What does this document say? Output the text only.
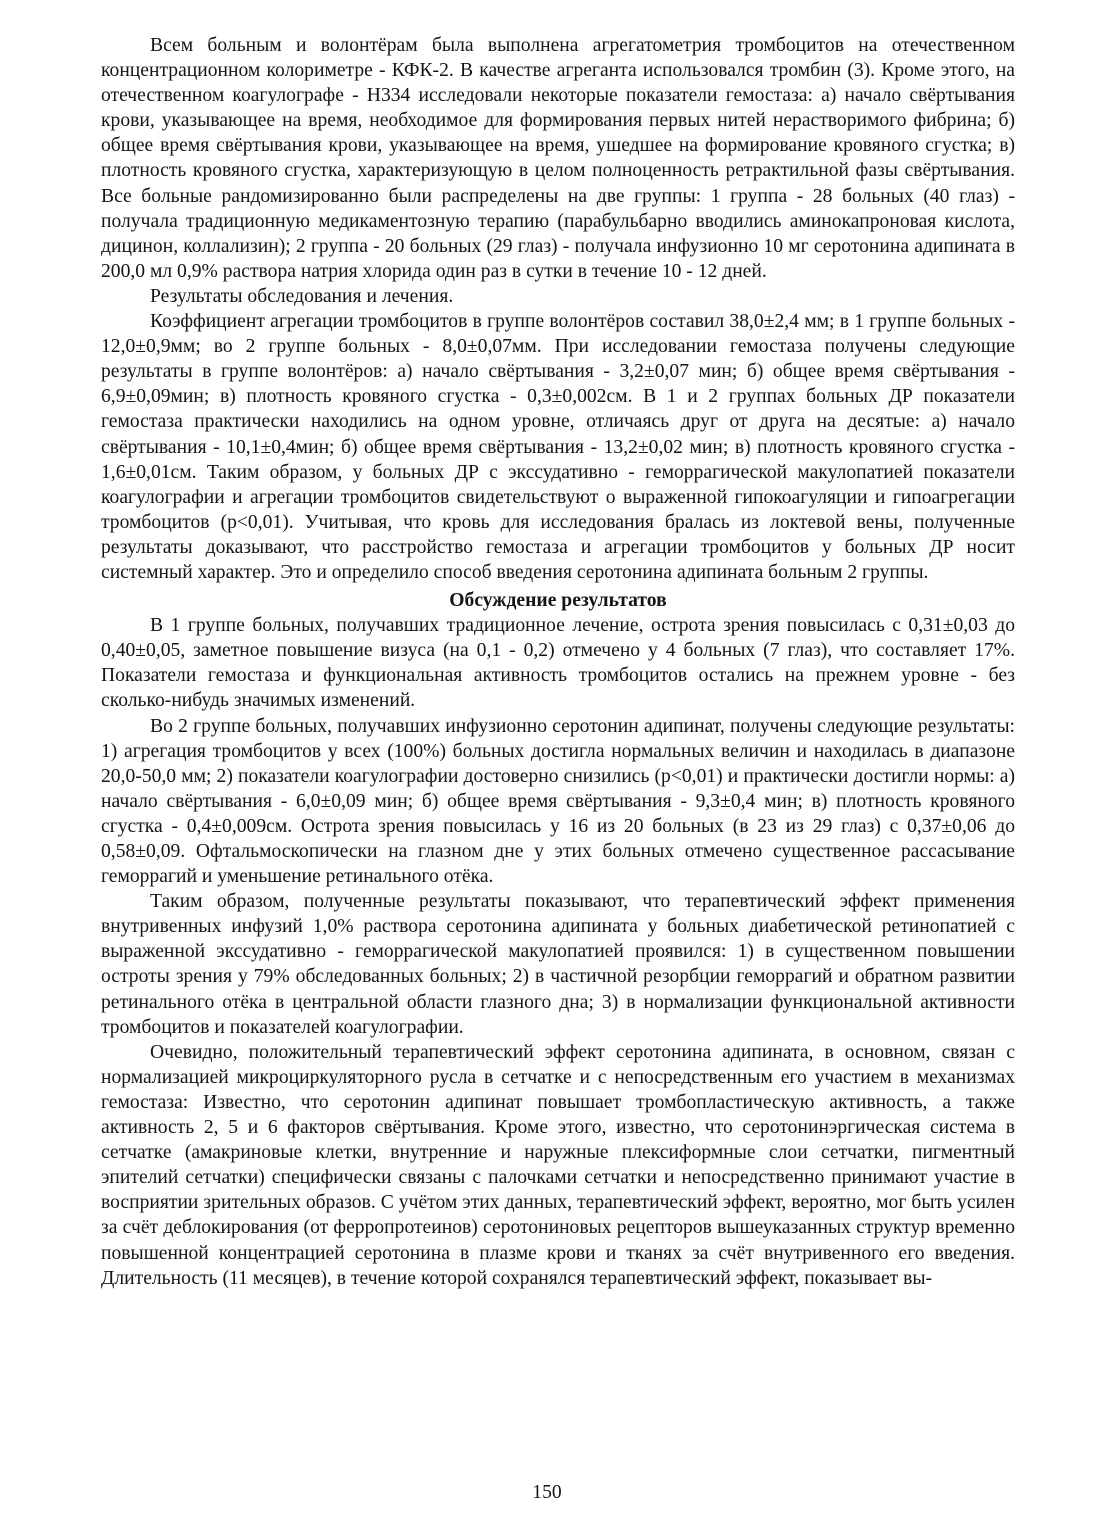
Всем больным и волонтёрам была выполнена агрегатометрия тромбоцитов на отечественном концентрационном колориметре - КФК-2. В качестве агреганта использовался тромбин (3). Кроме этого, на отечественном коагулографе - Н334 исследовали некоторые показатели гемостаза: а) начало свёртывания крови, указывающее на время, необходимое для формирования первых нитей нерастворимого фибрина; б) общее время свёртывания крови, указывающее на время, ушедшее на формирование кровяного сгустка; в) плотность кровяного сгустка, характеризующую в целом полноценность ретрактильной фазы свёртывания. Все больные рандомизированно были распределены на две группы: 1 группа - 28 больных (40 глаз) - получала традиционную медикаментозную терапию (парабульбарно вводились аминокапроновая кислота, дицинон, коллализин); 2 группа - 20 больных (29 глаз) - получала инфузионно 10 мг серотонина адипината в 200,0 мл 0,9% раствора натрия хлорида один раз в сутки в течение 10 - 12 дней.

Результаты обследования и лечения.

Коэффициент агрегации тромбоцитов в группе волонтёров составил 38,0±2,4 мм; в 1 группе больных - 12,0±0,9мм; во 2 группе больных - 8,0±0,07мм. При исследовании гемостаза получены следующие результаты в группе волонтёров: а) начало свёртывания - 3,2±0,07 мин; б) общее время свёртывания - 6,9±0,09мин; в) плотность кровяного сгустка - 0,3±0,002см. В 1 и 2 группах больных ДР показатели гемостаза практически находились на одном уровне, отличаясь друг от друга на десятые: а) начало свёртывания - 10,1±0,4мин; б) общее время свёртывания - 13,2±0,02 мин; в) плотность кровяного сгустка - 1,6±0,01см. Таким образом, у больных ДР с экссудативно - геморрагической макулопатией показатели коагулографии и агрегации тромбоцитов свидетельствуют о выраженной гипокоагуляции и гипоагрегации тромбоцитов (p<0,01). Учитывая, что кровь для исследования бралась из локтевой вены, полученные результаты доказывают, что расстройство гемостаза и агрегации тромбоцитов у больных ДР носит системный характер. Это и определило способ введения серотонина адипината больным 2 группы.

Обсуждение результатов

В 1 группе больных, получавших традиционное лечение, острота зрения повысилась с 0,31±0,03 до 0,40±0,05, заметное повышение визуса (на 0,1 - 0,2) отмечено у 4 больных (7 глаз), что составляет 17%. Показатели гемостаза и функциональная активность тромбоцитов остались на прежнем уровне - без сколько-нибудь значимых изменений.

Во 2 группе больных, получавших инфузионно серотонин адипинат, получены следующие результаты: 1) агрегация тромбоцитов у всех (100%) больных достигла нормальных величин и находилась в диапазоне 20,0-50,0 мм; 2) показатели коагулографии достоверно снизились (p<0,01) и практически достигли нормы: а) начало свёртывания - 6,0±0,09 мин; б) общее время свёртывания - 9,3±0,4 мин; в) плотность кровяного сгустка - 0,4±0,009см. Острота зрения повысилась у 16 из 20 больных (в 23 из 29 глаз) с 0,37±0,06 до 0,58±0,09. Офтальмоскопически на глазном дне у этих больных отмечено существенное рассасывание геморрагий и уменьшение ретинального отёка.

Таким образом, полученные результаты показывают, что терапевтический эффект применения внутривенных инфузий 1,0% раствора серотонина адипината у больных диабетической ретинопатией с выраженной экссудативно - геморрагической макулопатией проявился: 1) в существенном повышении остроты зрения у 79% обследованных больных; 2) в частичной резорбции геморрагий и обратном развитии ретинального отёка в центральной области глазного дна; 3) в нормализации функциональной активности тромбоцитов и показателей коагулографии.

Очевидно, положительный терапевтический эффект серотонина адипината, в основном, связан с нормализацией микроциркуляторного русла в сетчатке и с непосредственным его участием в механизмах гемостаза: Известно, что серотонин адипинат повышает тромбопластическую активность, а также активность 2, 5 и 6 факторов свёртывания. Кроме этого, известно, что серотонинэргическая система в сетчатке (амакриновые клетки, внутренние и наружные плексиформные слои сетчатки, пигментный эпителий сетчатки) специфически связаны с палочками сетчатки и непосредственно принимают участие в восприятии зрительных образов. С учётом этих данных, терапевтический эффект, вероятно, мог быть усилен за счёт деблокирования (от ферропротеинов) серотониновых рецепторов вышеуказанных структур временно повышенной концентрацией серотонина в плазме крови и тканях за счёт внутривенного его введения. Длительность (11 месяцев), в течение которой сохранялся терапевтический эффект, показывает вы-

150
